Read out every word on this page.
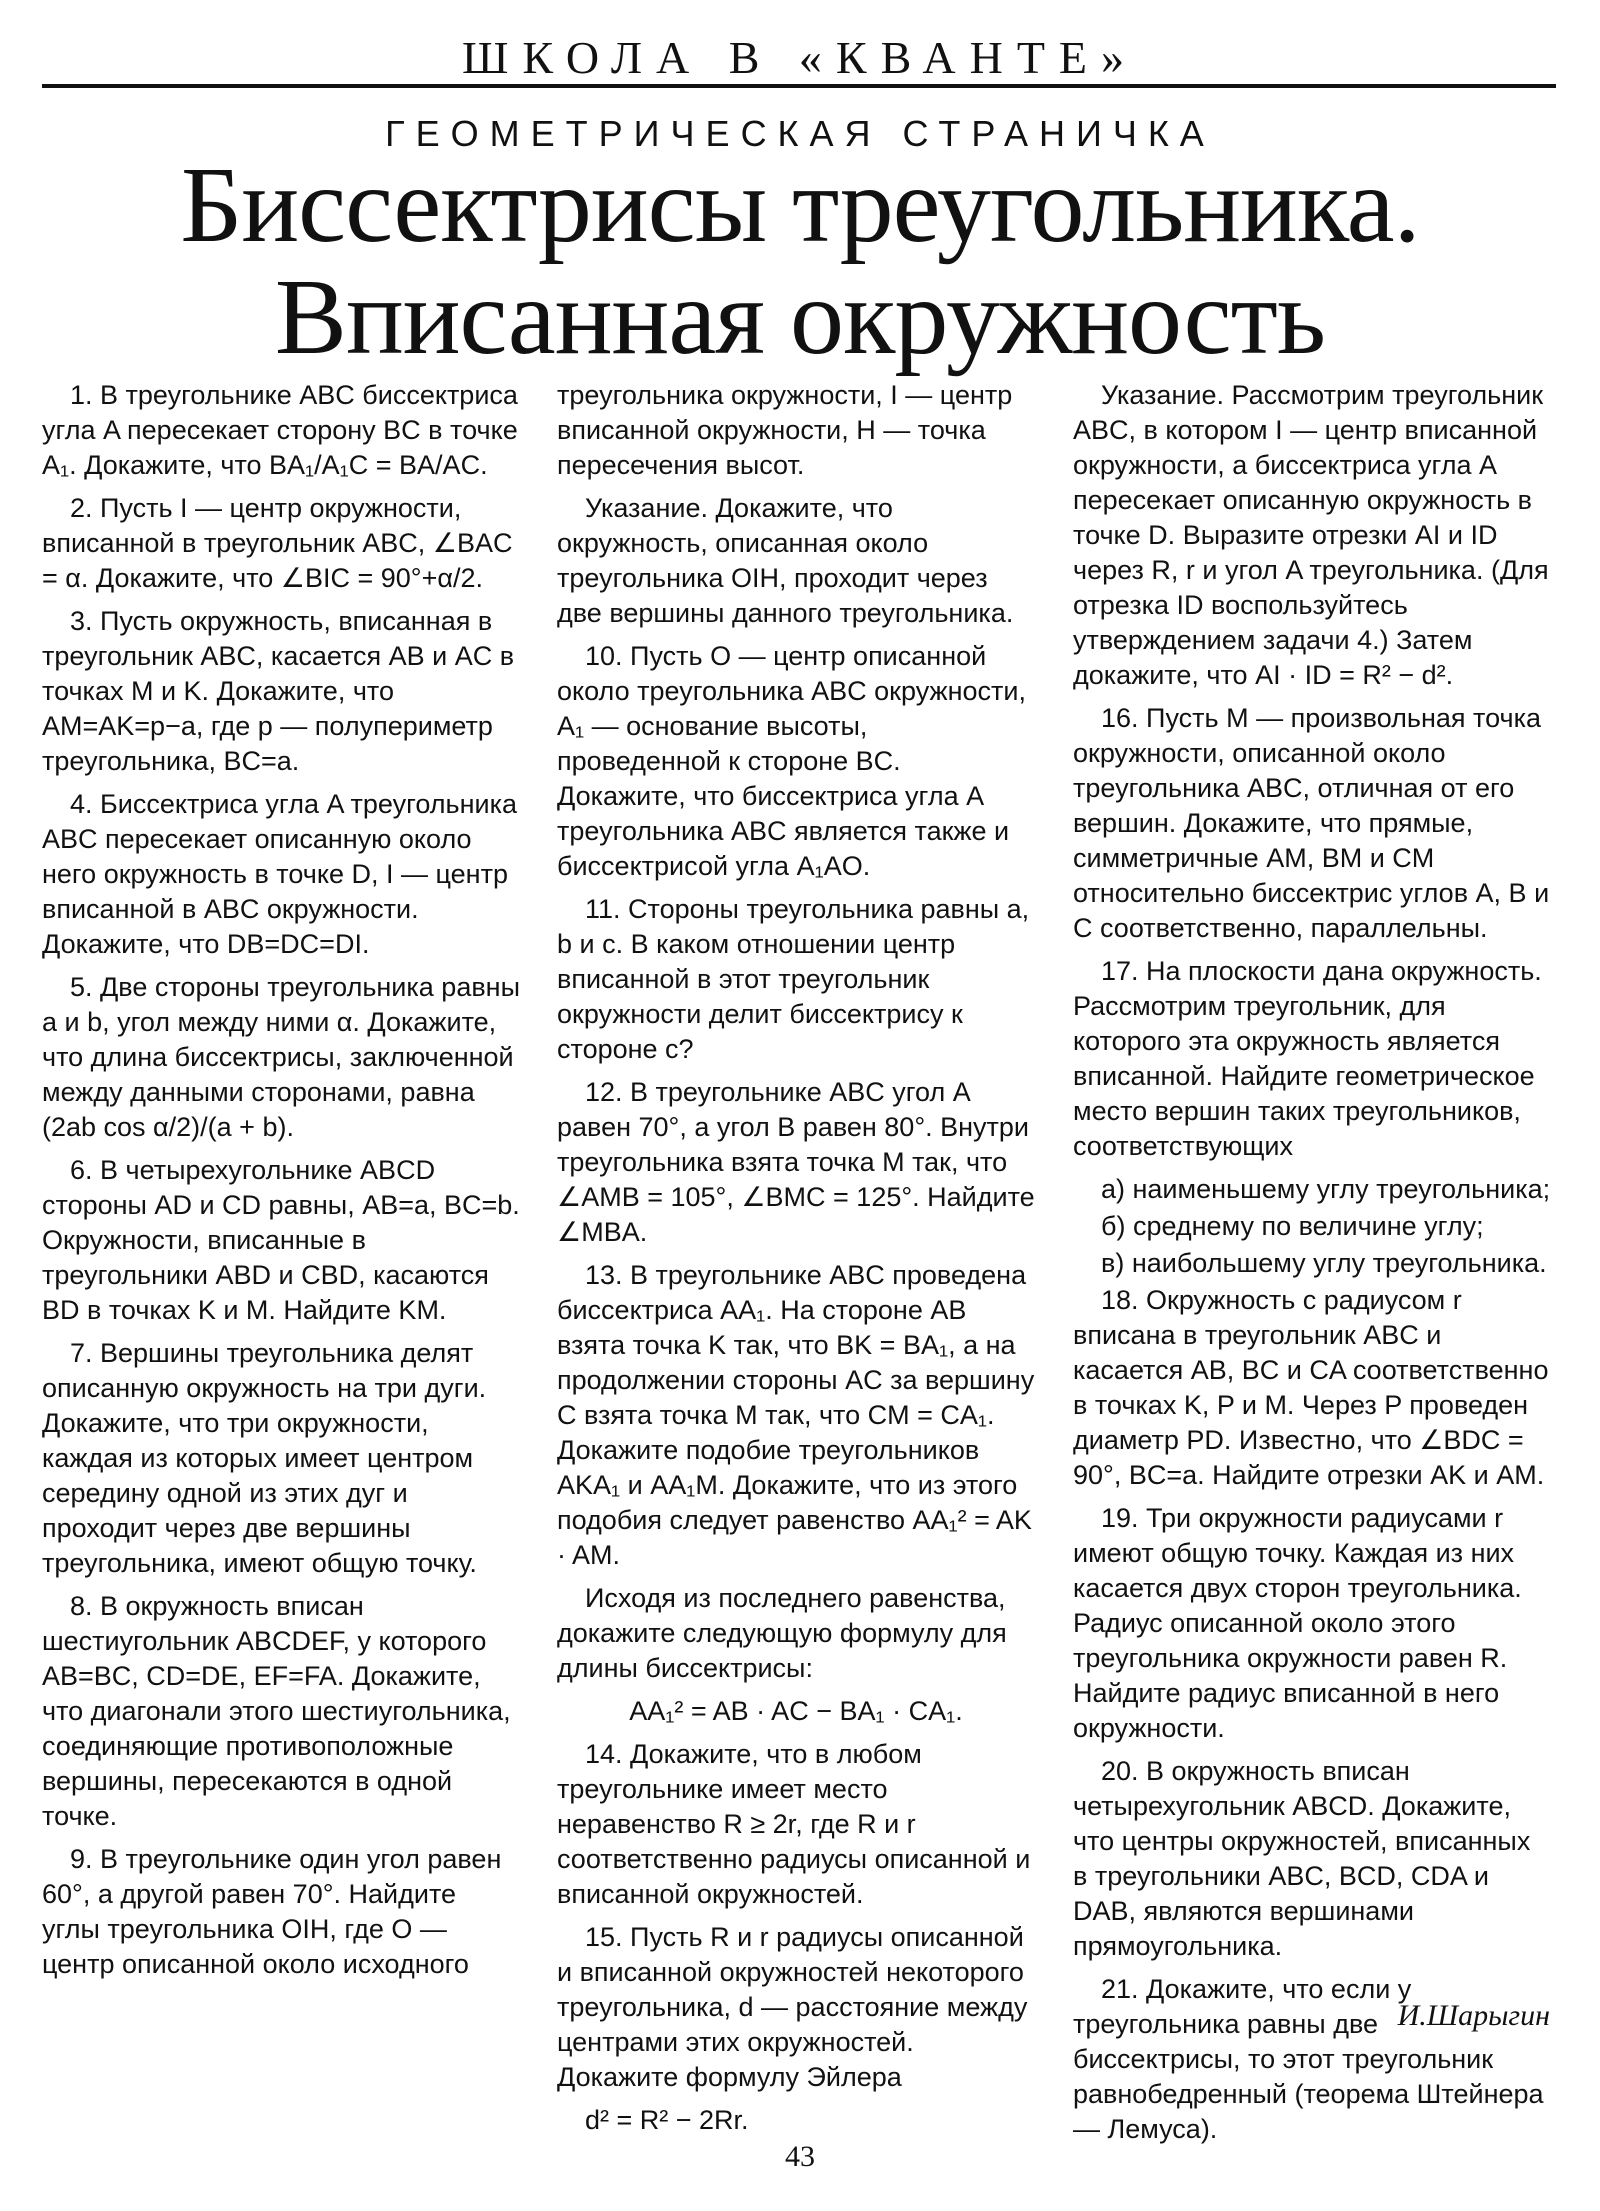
ШКОЛА В «КВАНТЕ»
ГЕОМЕТРИЧЕСКАЯ СТРАНИЧКА
Биссектрисы треугольника.
Вписанная окружность

1. В треугольнике ABC биссектриса угла A пересекает сторону BC в точке A₁. Докажите, что BA₁/A₁C = BA/AC.

2. Пусть I — центр окружности, вписанной в треугольник ABC, ∠BAC = α. Докажите, что ∠BIC = 90°+α/2.

3. Пусть окружность, вписанная в треугольник ABC, касается AB и AC в точках M и K. Докажите, что AM=AK=p−a, где p — полупериметр треугольника, BC=a.

4. Биссектриса угла A треугольника ABC пересекает описанную около него окружность в точке D, I — центр вписанной в ABC окружности. Докажите, что DB=DC=DI.

5. Две стороны треугольника равны a и b, угол между ними α. Докажите, что длина биссектрисы, заключенной между данными сторонами, равна (2ab cos α/2)/(a + b).

6. В четырехугольнике ABCD стороны AD и CD равны, AB=a, BC=b. Окружности, вписанные в треугольники ABD и CBD, касаются BD в точках K и M. Найдите KM.

7. Вершины треугольника делят описанную окружность на три дуги. Докажите, что три окружности, каждая из которых имеет центром середину одной из этих дуг и проходит через две вершины треугольника, имеют общую точку.

8. В окружность вписан шестиугольник ABCDEF, у которого AB=BC, CD=DE, EF=FA. Докажите, что диагонали этого шестиугольника, соединяющие противоположные вершины, пересекаются в одной точке.

9. В треугольнике один угол равен 60°, а другой равен 70°. Найдите углы треугольника OIH, где O — центр описанной около исходного

треугольника окружности, I — центр вписанной окружности, H — точка пересечения высот.

Указание. Докажите, что окружность, описанная около треугольника OIH, проходит через две вершины данного треугольника.

10. Пусть O — центр описанной около треугольника ABC окружности, A₁ — основание высоты, проведенной к стороне BC. Докажите, что биссектриса угла A треугольника ABC является также и биссектрисой угла A₁AO.

11. Стороны треугольника равны a, b и c. В каком отношении центр вписанной в этот треугольник окружности делит биссектрису к стороне c?

12. В треугольнике ABC угол A равен 70°, а угол B равен 80°. Внутри треугольника взята точка M так, что ∠AMB = 105°, ∠BMC = 125°. Найдите ∠MBA.

13. В треугольнике ABC проведена биссектриса AA₁. На стороне AB взята точка K так, что BK = BA₁, а на продолжении стороны AC за вершину C взята точка M так, что CM = CA₁. Докажите подобие треугольников AKA₁ и AA₁M. Докажите, что из этого подобия следует равенство AA₁² = AK · AM.

Исходя из последнего равенства, докажите следующую формулу для длины биссектрисы:

AA₁² = AB · AC − BA₁ · CA₁.

14. Докажите, что в любом треугольнике имеет место неравенство R ≥ 2r, где R и r соответственно радиусы описанной и вписанной окружностей.

15. Пусть R и r радиусы описанной и вписанной окружностей некоторого треугольника, d — расстояние между центрами этих окружностей. Докажите формулу Эйлера

d² = R² − 2Rr.

Указание. Рассмотрим треугольник ABC, в котором I — центр вписанной окружности, а биссектриса угла A пересекает описанную окружность в точке D. Выразите отрезки AI и ID через R, r и угол A треугольника. (Для отрезка ID воспользуйтесь утверждением задачи 4.) Затем докажите, что AI · ID = R² − d².

16. Пусть M — произвольная точка окружности, описанной около треугольника ABC, отличная от его вершин. Докажите, что прямые, симметричные AM, BM и CM относительно биссектрис углов A, B и C соответственно, параллельны.

17. На плоскости дана окружность. Рассмотрим треугольник, для которого эта окружность является вписанной. Найдите геометрическое место вершин таких треугольников, соответствующих

а) наименьшему углу треугольника;

б) среднему по величине углу;

в) наибольшему углу треугольника.

18. Окружность с радиусом r вписана в треугольник ABC и касается AB, BC и CA соответственно в точках K, P и M. Через P проведен диаметр PD. Известно, что ∠BDC = 90°, BC=a. Найдите отрезки AK и AM.

19. Три окружности радиусами r имеют общую точку. Каждая из них касается двух сторон треугольника. Радиус описанной около этого треугольника окружности равен R. Найдите радиус вписанной в него окружности.

20. В окружность вписан четырехугольник ABCD. Докажите, что центры окружностей, вписанных в треугольники ABC, BCD, CDA и DAB, являются вершинами прямоугольника.

21. Докажите, что если у треугольника равны две биссектрисы, то этот треугольник равнобедренный (теорема Штейнера — Лемуса).

И.Шарыгин
43
